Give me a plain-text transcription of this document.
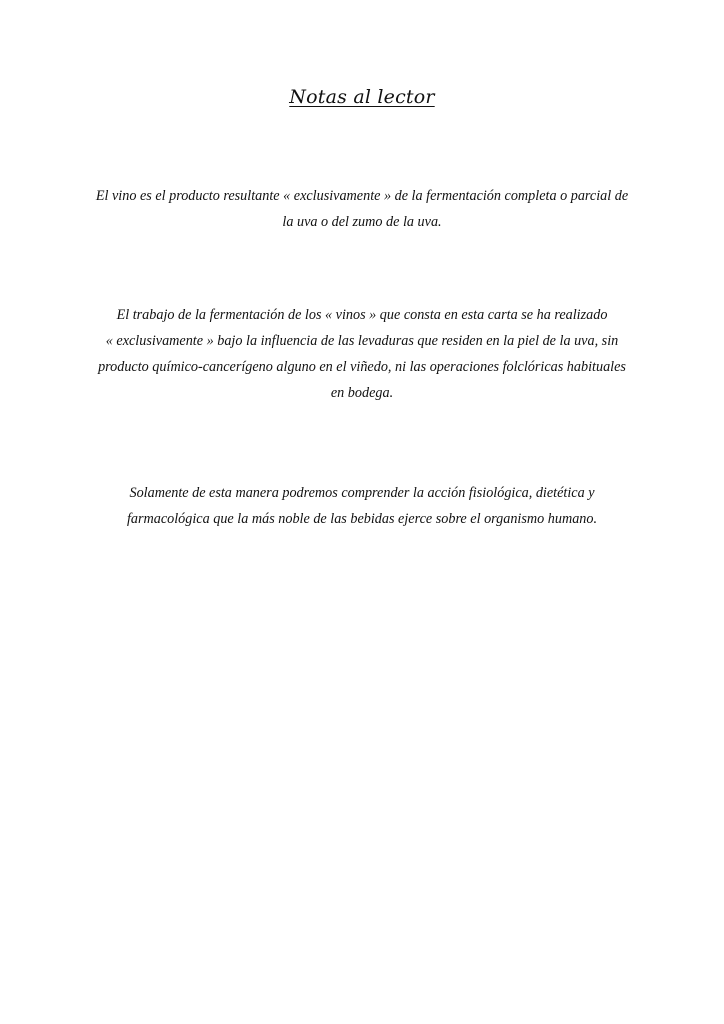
Notas al lector
El vino es el producto resultante « exclusivamente » de la fermentación completa o parcial de
la uva o del zumo de la uva.
El trabajo de la fermentación de los « vinos » que consta en esta carta se ha realizado
« exclusivamente » bajo la influencia de las levaduras que residen en la piel de la uva, sin
producto químico-cancerígeno alguno en el viñedo, ni las operaciones folclóricas habituales
en bodega.
Solamente de esta manera podremos comprender la acción fisiológica, dietética y
farmacológica que la más noble de las bebidas ejerce sobre el organismo humano.
